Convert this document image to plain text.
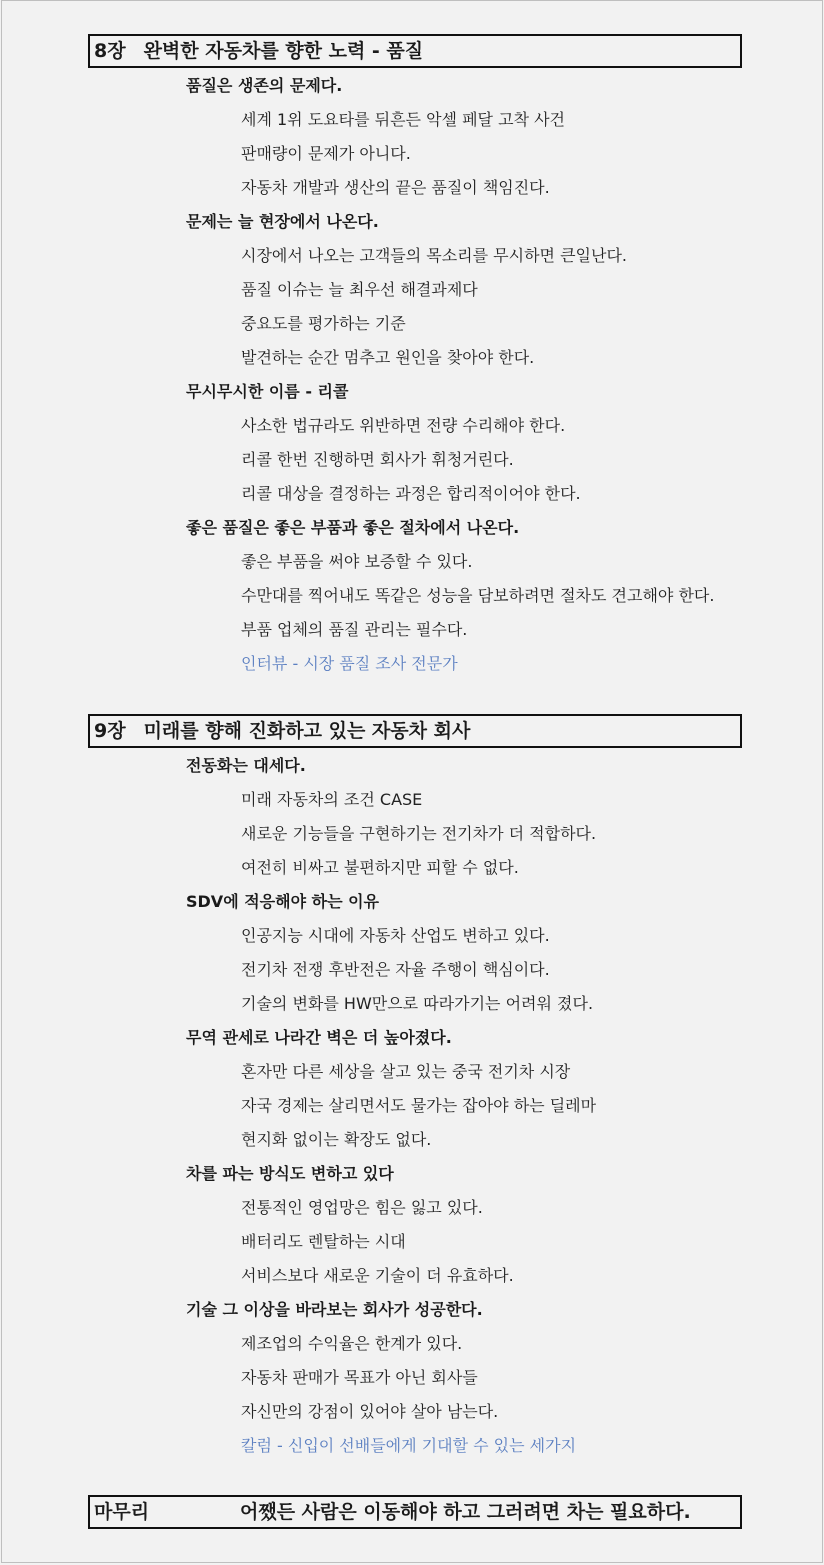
8장 완벽한 자동차를 향한 노력 - 품질
품질은 생존의 문제다.
세계 1위 도요타를 뒤흔든 악셀 페달 고착 사건
판매량이 문제가 아니다.
자동차 개발과 생산의 끝은 품질이 책임진다.
문제는 늘 현장에서 나온다.
시장에서 나오는 고객들의 목소리를 무시하면 큰일난다.
품질 이슈는 늘 최우선 해결과제다
중요도를 평가하는 기준
발견하는 순간 멈추고 원인을 찾아야 한다.
무시무시한 이름 - 리콜
사소한 법규라도 위반하면 전량 수리해야 한다.
리콜 한번 진행하면 회사가 휘청거린다.
리콜 대상을 결정하는 과정은 합리적이어야 한다.
좋은 품질은 좋은 부품과 좋은 절차에서 나온다.
좋은 부품을 써야 보증할 수 있다.
수만대를 찍어내도 똑같은 성능을 담보하려면 절차도 견고해야 한다.
부품 업체의 품질 관리는 필수다.
인터뷰 - 시장 품질 조사 전문가
9장 미래를 향해 진화하고 있는 자동차 회사
전동화는 대세다.
미래 자동차의 조건 CASE
새로운 기능들을 구현하기는 전기차가 더 적합하다.
여전히 비싸고 불편하지만 피할 수 없다.
SDV에 적응해야 하는 이유
인공지능 시대에 자동차 산업도 변하고 있다.
전기차 전쟁 후반전은 자율 주행이 핵심이다.
기술의 변화를 HW만으로 따라가기는 어려워 졌다.
무역 관세로 나라간 벽은 더 높아졌다.
혼자만 다른 세상을 살고 있는 중국 전기차 시장
자국 경제는 살리면서도 물가는 잡아야 하는 딜레마
현지화 없이는 확장도 없다.
차를 파는 방식도 변하고 있다
전통적인 영업망은 힘은 잃고 있다.
배터리도 렌탈하는 시대
서비스보다 새로운 기술이 더 유효하다.
기술 그 이상을 바라보는 회사가 성공한다.
제조업의 수익율은 한계가 있다.
자동차 판매가 목표가 아닌 회사들
자신만의 강점이 있어야 살아 남는다.
칼럼 - 신입이 선배들에게 기대할 수 있는 세가지
마무리	어쨌든 사람은 이동해야 하고 그러려면 차는 필요하다.
